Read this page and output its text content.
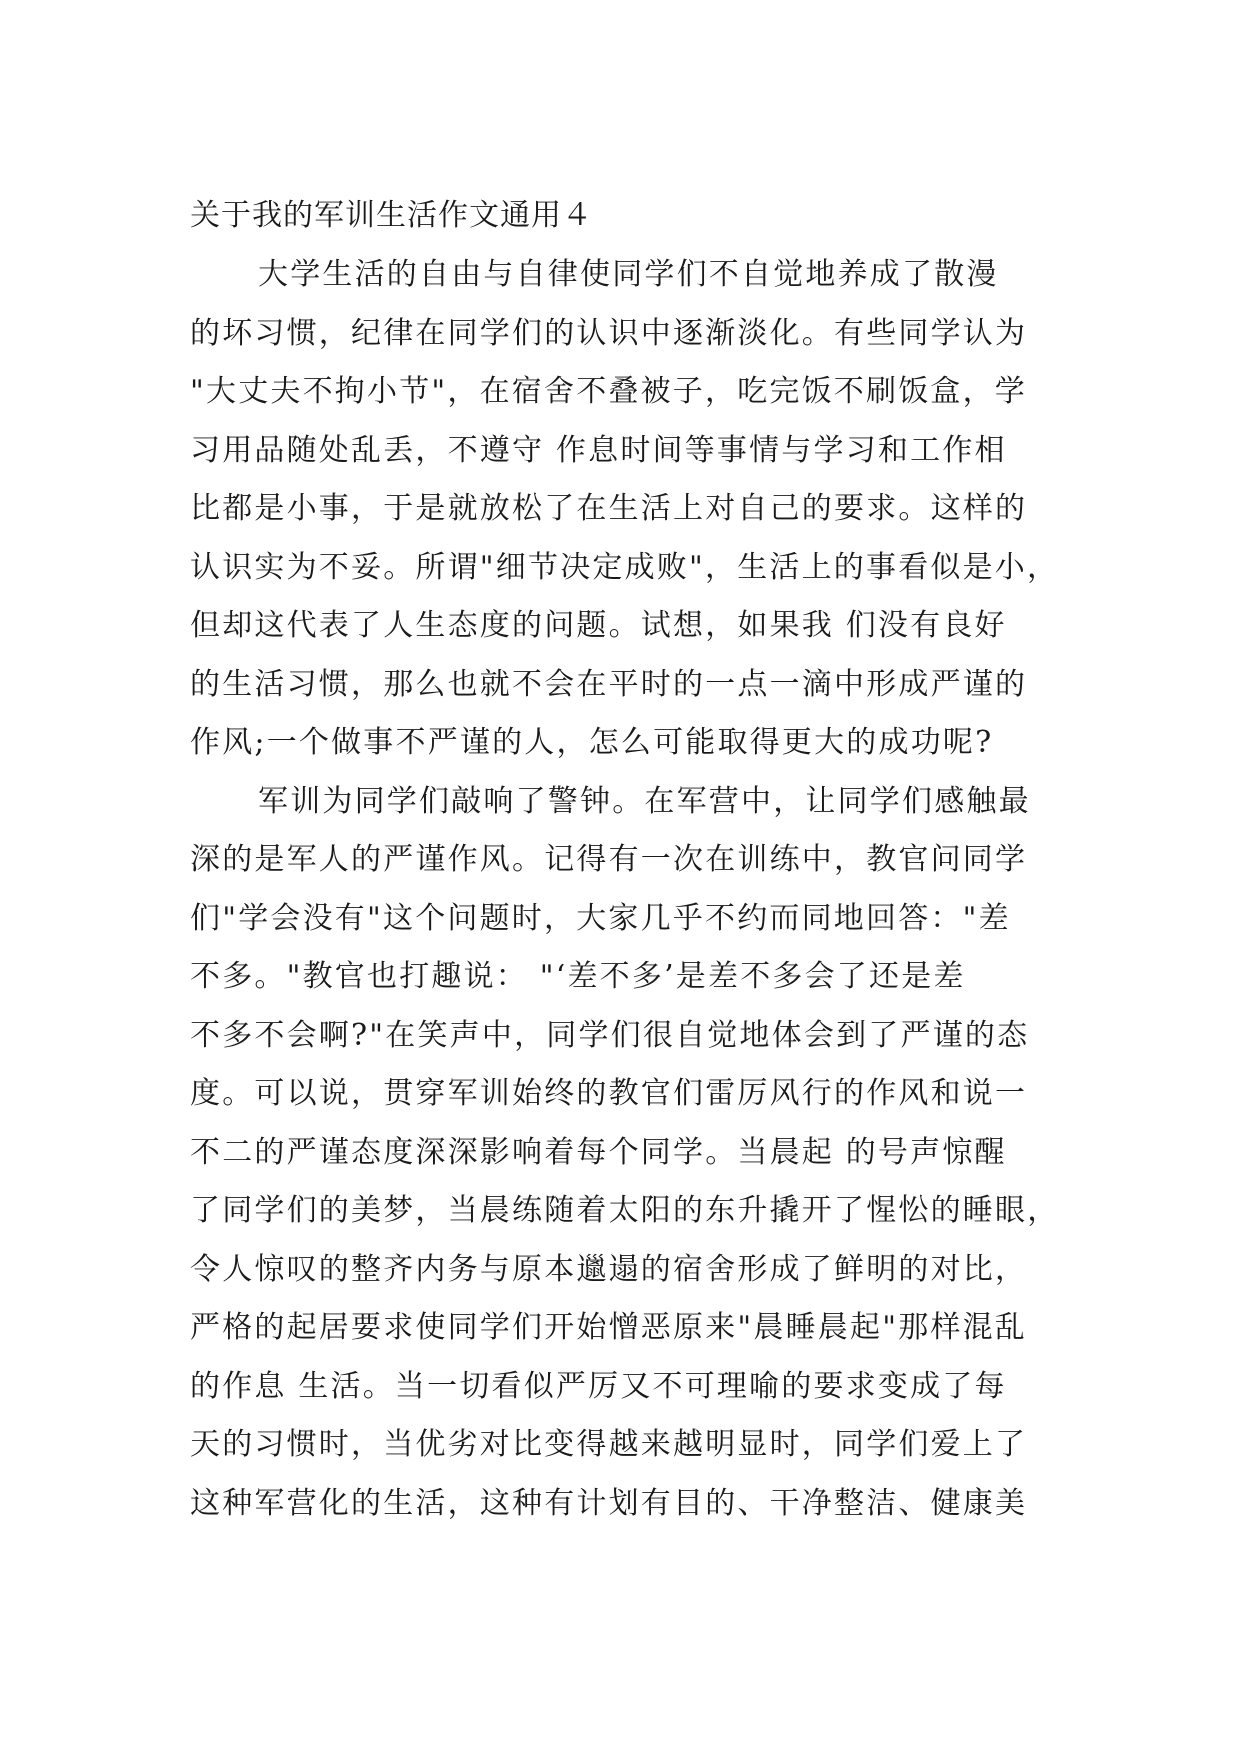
关于我的军训生活作文通用４
大学生活的自由与自律使同学们不自觉地养成了散漫
的坏习惯，纪律在同学们的认识中逐渐淡化。有些同学认为
"大丈夫不拘小节"，在宿舍不叠被子，吃完饭不刷饭盒，学
习用品随处乱丢，不遵守 作息时间等事情与学习和工作相
比都是小事，于是就放松了在生活上对自己的要求。这样的
认识实为不妥。所谓"细节决定成败"，生活上的事看似是小，
但却这代表了人生态度的问题。试想，如果我 们没有良好
的生活习惯，那么也就不会在平时的一点一滴中形成严谨的
作风;一个做事不严谨的人，怎么可能取得更大的成功呢?
军训为同学们敲响了警钟。在军营中，让同学们感触最
深的是军人的严谨作风。记得有一次在训练中，教官问同学
们"学会没有"这个问题时，大家几乎不约而同地回答："差
不多。"教官也打趣说： "‘差不多’是差不多会了还是差
不多不会啊?"在笑声中，同学们很自觉地体会到了严谨的态
度。可以说，贯穿军训始终的教官们雷厉风行的作风和说一
不二的严谨态度深深影响着每个同学。当晨起 的号声惊醒
了同学们的美梦，当晨练随着太阳的东升撬开了惺忪的睡眼，
令人惊叹的整齐内务与原本邋遢的宿舍形成了鲜明的对比，
严格的起居要求使同学们开始憎恶原来"晨睡晨起"那样混乱
的作息 生活。当一切看似严厉又不可理喻的要求变成了每
天的习惯时，当优劣对比变得越来越明显时，同学们爱上了
这种军营化的生活，这种有计划有目的、干净整洁、健康美
